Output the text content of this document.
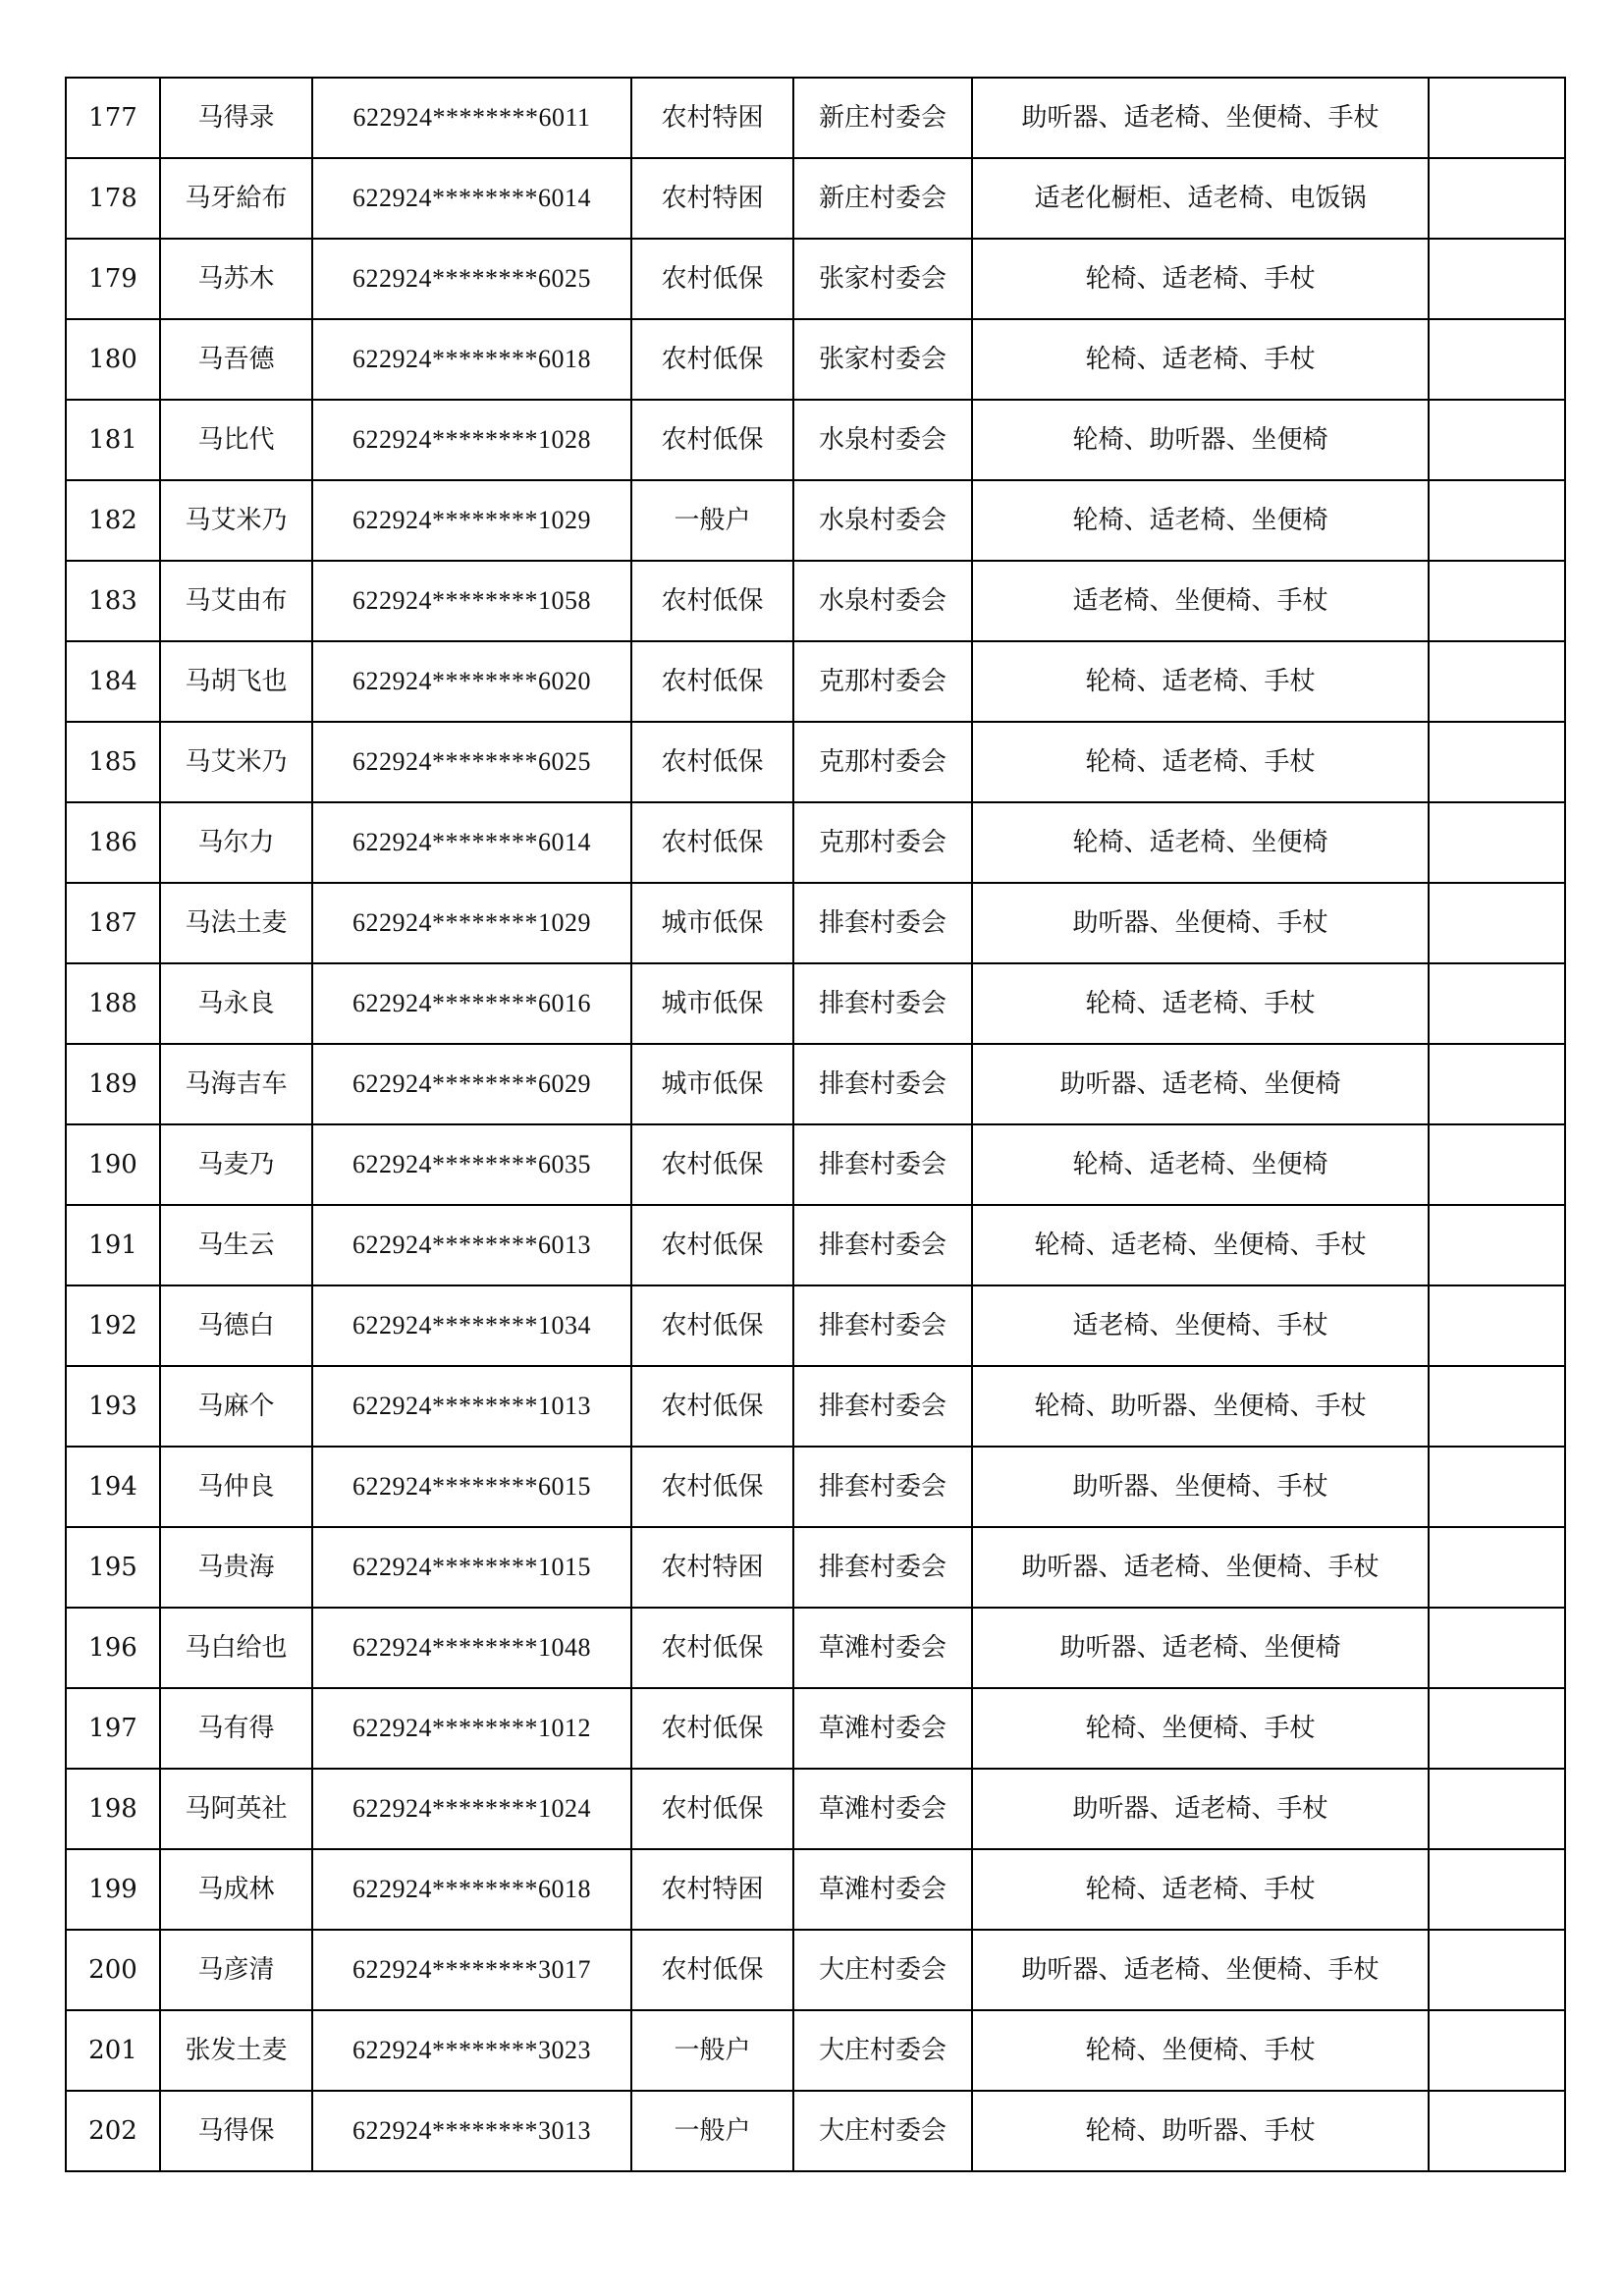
177	马得录	622924********6011	农村特困	新庄村委会	助听器、适老椅、坐便椅、手杖	
178	马牙給布	622924********6014	农村特困	新庄村委会	适老化橱柜、适老椅、电饭锅	
179	马苏木	622924********6025	农村低保	张家村委会	轮椅、适老椅、手杖	
180	马吾德	622924********6018	农村低保	张家村委会	轮椅、适老椅、手杖	
181	马比代	622924********1028	农村低保	水泉村委会	轮椅、助听器、坐便椅	
182	马艾米乃	622924********1029	一般户	水泉村委会	轮椅、适老椅、坐便椅	
183	马艾由布	622924********1058	农村低保	水泉村委会	适老椅、坐便椅、手杖	
184	马胡飞也	622924********6020	农村低保	克那村委会	轮椅、适老椅、手杖	
185	马艾米乃	622924********6025	农村低保	克那村委会	轮椅、适老椅、手杖	
186	马尔力	622924********6014	农村低保	克那村委会	轮椅、适老椅、坐便椅	
187	马法土麦	622924********1029	城市低保	排套村委会	助听器、坐便椅、手杖	
188	马永良	622924********6016	城市低保	排套村委会	轮椅、适老椅、手杖	
189	马海吉车	622924********6029	城市低保	排套村委会	助听器、适老椅、坐便椅	
190	马麦乃	622924********6035	农村低保	排套村委会	轮椅、适老椅、坐便椅	
191	马生云	622924********6013	农村低保	排套村委会	轮椅、适老椅、坐便椅、手杖	
192	马德白	622924********1034	农村低保	排套村委会	适老椅、坐便椅、手杖	
193	马麻个	622924********1013	农村低保	排套村委会	轮椅、助听器、坐便椅、手杖	
194	马仲良	622924********6015	农村低保	排套村委会	助听器、坐便椅、手杖	
195	马贵海	622924********1015	农村特困	排套村委会	助听器、适老椅、坐便椅、手杖	
196	马白给也	622924********1048	农村低保	草滩村委会	助听器、适老椅、坐便椅	
197	马有得	622924********1012	农村低保	草滩村委会	轮椅、坐便椅、手杖	
198	马阿英社	622924********1024	农村低保	草滩村委会	助听器、适老椅、手杖	
199	马成林	622924********6018	农村特困	草滩村委会	轮椅、适老椅、手杖	
200	马彦清	622924********3017	农村低保	大庄村委会	助听器、适老椅、坐便椅、手杖	
201	张发土麦	622924********3023	一般户	大庄村委会	轮椅、坐便椅、手杖	
202	马得保	622924********3013	一般户	大庄村委会	轮椅、助听器、手杖	
